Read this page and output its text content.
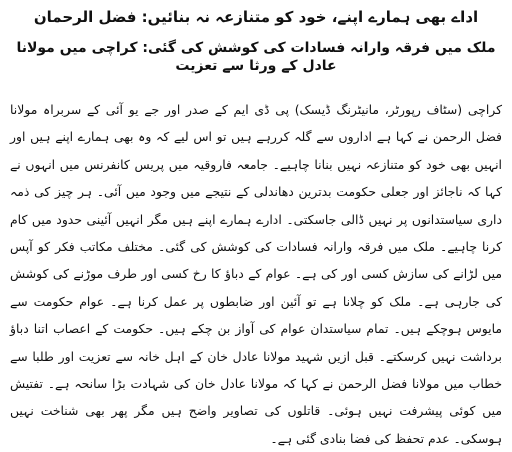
اداے بھی ہمارے اپنے، خود کو متنازعہ نہ بنائیں: فضل الرحمان
ملک میں فرقہ وارانہ فسادات کی کوشش کی گئی: کراچی میں مولانا عادل کے ورثا سے تعزیت

کراچی (سٹاف رپورٹر، مانیٹرنگ ڈیسک) پی ڈی ایم کے صدر اور جے یو آئی کے سربراہ مولانا فضل الرحمن نے کہا ہے اداروں سے گلہ کررہے ہیں تو اس لیے کہ وہ بھی ہمارے اپنے ہیں اور انہیں بھی خود کو متنازعہ نہیں بنانا چاہیے۔ جامعہ فاروقیہ میں پریس کانفرنس میں انہوں نے کہا کہ ناجائز اور جعلی حکومت بدترین دھاندلی کے نتیجے میں وجود میں آئی۔ ہر چیز کی ذمہ داری سیاستدانوں پر نہیں ڈالی جاسکتی۔ ادارے ہمارے اپنے ہیں مگر انہیں آئینی حدود میں کام کرنا چاہیے۔ ملک میں فرقہ وارانہ فسادات کی کوشش کی گئی۔ مختلف مکاتب فکر کو آپس میں لڑانے کی سازش کسی اور کی ہے۔ عوام کے دباؤ کا رخ کسی اور طرف موڑنے کی کوشش کی جارہی ہے۔ ملک کو چلانا ہے تو آئین اور ضابطوں پر عمل کرنا ہے۔ عوام حکومت سے مایوس ہوچکے ہیں۔ تمام سیاستدان عوام کی آواز بن چکے ہیں۔ حکومت کے اعصاب اتنا دباؤ برداشت نہیں کرسکتے۔ قبل ازیں شہید مولانا عادل خان کے اہل خانہ سے تعزیت اور طلبا سے خطاب میں مولانا فضل الرحمن نے کہا کہ مولانا عادل خان کی شہادت بڑا سانحہ ہے۔ تفتیش میں کوئی پیشرفت نہیں ہوئی۔ قاتلوں کی تصاویر واضح ہیں مگر پھر بھی شناخت نہیں ہوسکی۔ عدم تحفظ کی فضا بنادی گئی ہے۔
